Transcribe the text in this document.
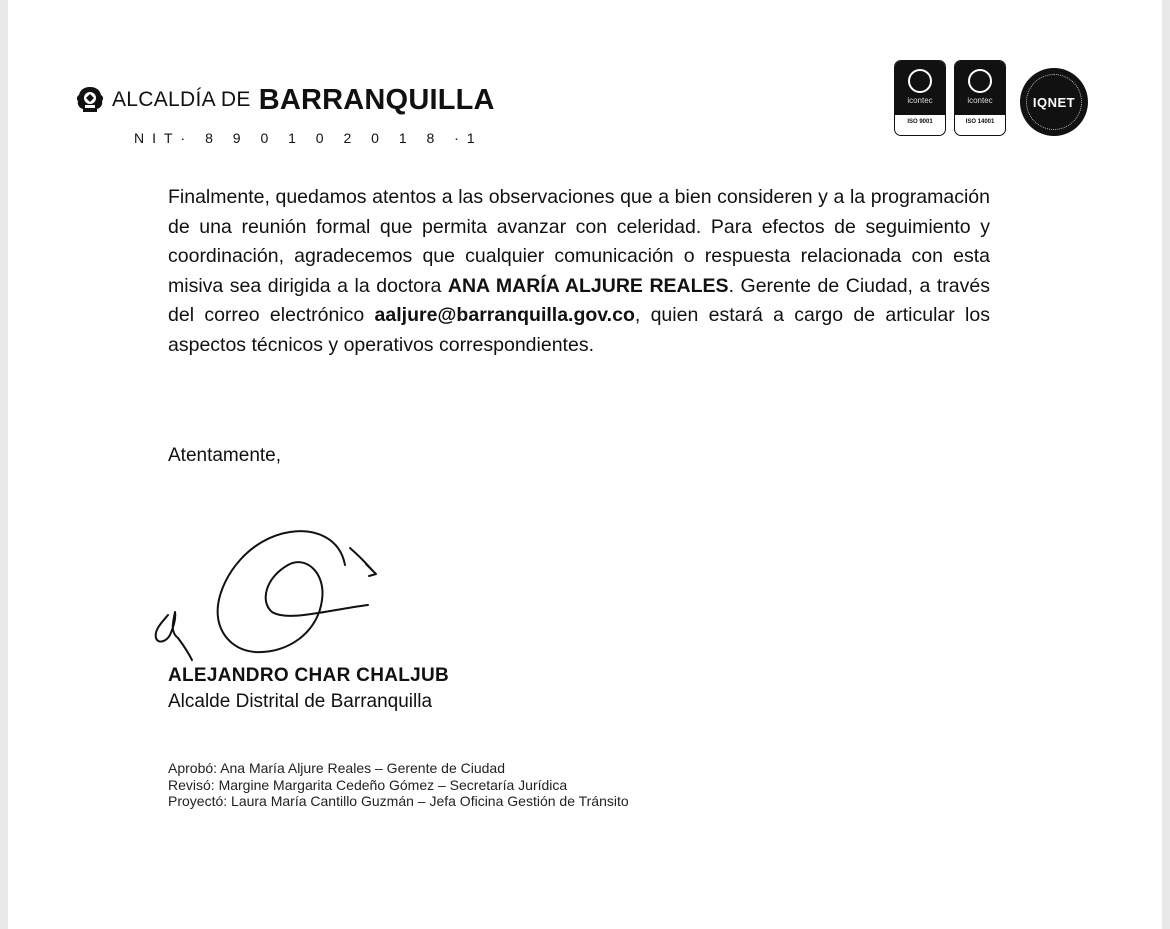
ALCALDÍA DE BARRANQUILLA
NIT· 8 9 0 1 0 2 0 1 8 ·1
icontec
ISO 9001
icontec
ISO 14001
IQNET
Finalmente, quedamos atentos a las observaciones que a bien consideren y a la programación de una reunión formal que permita avanzar con celeridad. Para efectos de seguimiento y coordinación, agradecemos que cualquier comunicación o respuesta relacionada con esta misiva sea dirigida a la doctora ANA MARÍA ALJURE REALES. Gerente de Ciudad, a través del correo electrónico aaljure@barranquilla.gov.co, quien estará a cargo de articular los aspectos técnicos y operativos correspondientes.
Atentamente,
ALEJANDRO CHAR CHALJUB
Alcalde Distrital de Barranquilla
Aprobó: Ana María Aljure Reales – Gerente de Ciudad
Revisó: Margine Margarita Cedeño Gómez – Secretaría Jurídica
Proyectó: Laura María Cantillo Guzmán – Jefa Oficina Gestión de Tránsito
